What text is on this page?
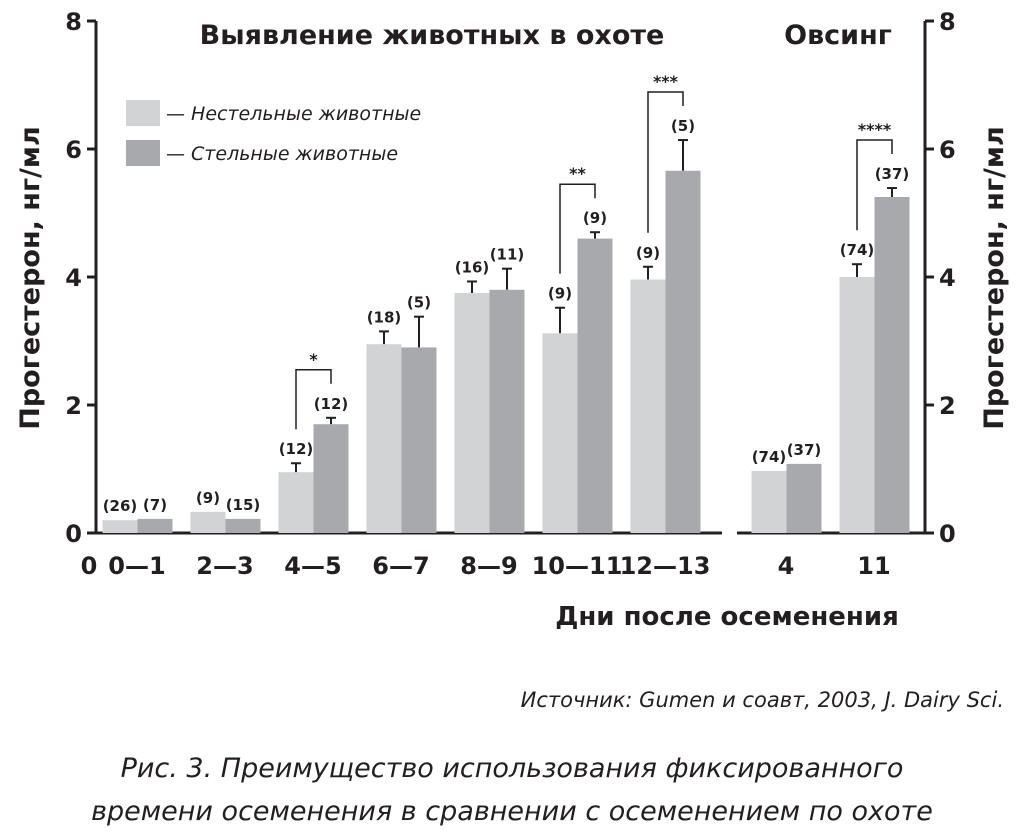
0
2
4
6
8	Выявление животных в охоте
0—1
(26) (7)
2—3
(9) (15)
4—5
(12)
(12)
*
6—7
(18)
(5)
8—9
(16)
(11)
10—11
(9)
(9)
**
12—13
(9)
(5)
***
0
2
4
6
8
Овсинг
4
(74) (37)
11
(74)
(37)
****
0
Прогестерон, нг/мл	Прогестерон, нг/мл
Дни после осеменения
— Нестельные животные
— Стельные животные
Источник: Gumen и соавт, 2003, J. Dairy Sci.
Рис. 3. Преимущество использования фиксированного
времени осеменения в сравнении с осеменением по охоте
